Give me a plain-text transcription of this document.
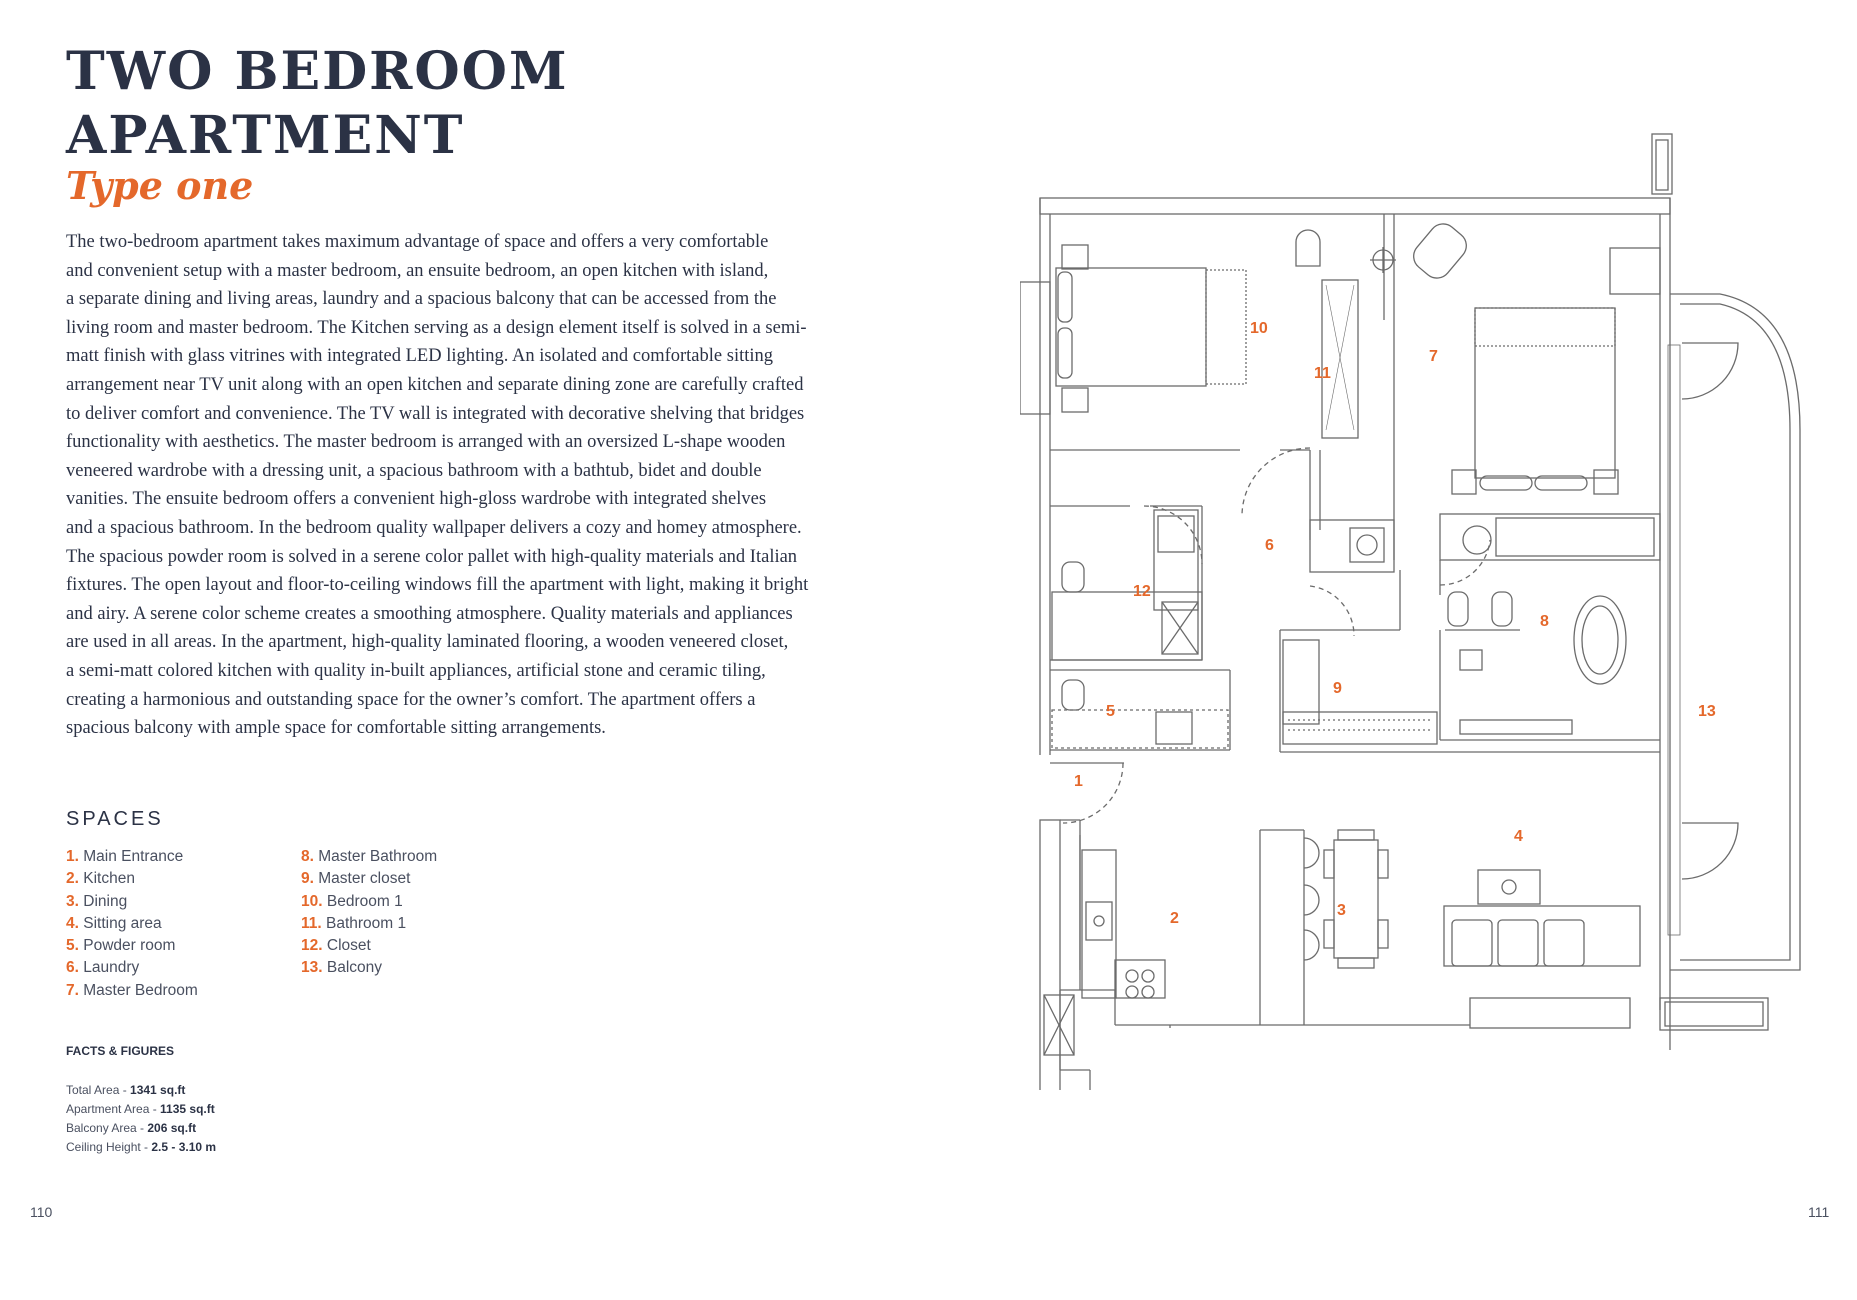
TWO BEDROOM
APARTMENT
Type one

The two-bedroom apartment takes maximum advantage of space and offers a very comfortable

and convenient setup with a master bedroom, an ensuite bedroom, an open kitchen with island,

a separate dining and living areas, laundry and a spacious balcony that can be accessed from the

living room and master bedroom. The Kitchen serving as a design element itself is solved in a semi-

matt finish with glass vitrines with integrated LED lighting. An isolated and comfortable sitting

arrangement near TV unit along with an open kitchen and separate dining zone are carefully crafted

to deliver comfort and convenience. The TV wall is integrated with decorative shelving that bridges

functionality with aesthetics. The master bedroom is arranged with an oversized L-shape wooden

veneered wardrobe with a dressing unit, a spacious bathroom with a bathtub, bidet and double

vanities. The ensuite bedroom offers a convenient high-gloss wardrobe with integrated shelves

and a spacious bathroom. In the bedroom quality wallpaper delivers a cozy and homey atmosphere.

The spacious powder room is solved in a serene color pallet with high-quality materials and Italian

fixtures. The open layout and floor-to-ceiling windows fill the apartment with light, making it bright

and airy. A serene color scheme creates a smoothing atmosphere. Quality materials and appliances

are used in all areas. In the apartment, high-quality laminated flooring, a wooden veneered closet,

a semi-matt colored kitchen with quality in-built appliances, artificial stone and ceramic tiling,

creating a harmonious and outstanding space for the owner’s comfort. The apartment offers a

spacious balcony with ample space for comfortable sitting arrangements.

SPACES
1. Main Entrance
2. Kitchen
3. Dining
4. Sitting area
5. Powder room
6. Laundry
7. Master Bedroom
8. Master Bathroom
9. Master closet
10. Bedroom 1
11. Bathroom 1
12. Closet
13. Balcony
FACTS & FIGURES
Total Area - 1341 sq.ft
Apartment Area - 1135 sq.ft
Balcony Area - 206 sq.ft
Ceiling Height - 2.5 - 3.10 m
110	111
1
2	3
4
5
6
7
8
9
10
11
12
13
